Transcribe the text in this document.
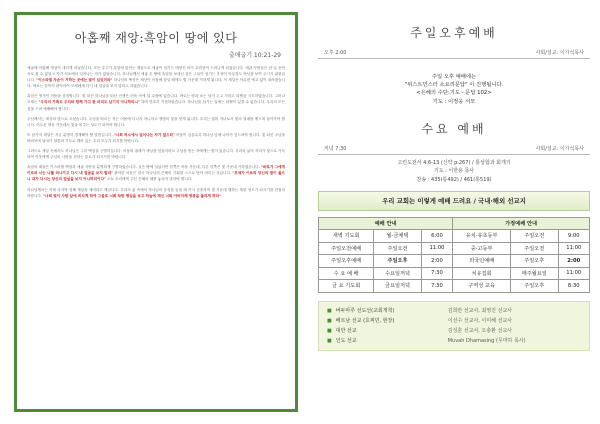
아홉째 재앙:흑암이 땅에 있다
출애굽기 10:21-29
애굽에 아홉째 재앙이 내리게 되었습니다. 모든 우주가 흑암에 덮이는 재앙으로 애굽이 섬기는 태양신 라가 무력함이 드러나게 되었습니다. 애굽 사람들은 삼 일 동안 서로 볼 수 없었고 자기 처소에서 일어나는 자가 없었습니다. 하나님께서 애굽 온 땅에 흑암을 보내신 것은 그들이 섬기는 우상이 아무것도 아님을 보여 주시기 위함입니다. "이스라엘 자손이 거하는 곳에는 빛이 있었더라" 하나님의 백성은 세상이 어둠에 덮일 때에도 빛 가운데 거하게 됩니다. 이 재앙은 아무런 예고 없이 내려졌습니다. 바로는 끝까지 완악하여 모세에게 다시 내 얼굴을 보지 말라고 하였습니다.
흑암은 영적인 어둠을 상징합니다. 빛 되신 하나님을 떠난 인생은 어둠 속에 살 수밖에 없습니다. 바로는 양과 소는 남겨 두고 가라고 타협을 시도하였습니다. 그러나 모세는 "우리의 가축도 우리와 함께 가고 한 마리도 남기지 아니하리니" 하며 단호히 거절하였습니다. 하나님을 섬기는 일에는 타협이 있을 수 없습니다. 우리의 모든 것을 드려 예배해야 합니다.
주님께서는 세상의 빛으로 오셨습니다. 주님을 따르는 자는 어둠에 다니지 아니하고 생명의 빛을 얻게 됩니다. 우리는 빛의 자녀로서 빛의 열매를 맺으며 살아가야 합니다. 어두운 세상 가운데서 빛을 비추는 성도가 되어야 합니다.
또 한가지 재앙은 지금 분명히 경계해야 할 말씀입니다. "너희 처소에서 일어나는 자가 없으되" 어둠이 깊을수록 하나님 앞에 나아가 엎드려야 합니다. 빛 되신 주님을 바라보며 날마다 말씀과 기도로 깨어 있는 우리 모두가 되기를 바랍니다.
그러므로 재앙 속에서도 하나님은 그의 백성을 구별하십니다. 어둠의 권세가 세상을 덮을지라도 주님을 믿는 자에게는 빛이 있습니다. 우리의 삶의 자리가 빛으로 가득하여 이웃에게 주님의 사랑을 전하는 통로가 되시기를 바랍니다.
흑암의 재앙은 이스라엘 백성과 애굽 사람을 분명하게 구별하였습니다. 같은 땅에 살았지만 한쪽은 어둠 가운데, 다른 한쪽은 빛 가운데 거하였습니다. "바로가 그에게 이르되 너는 나를 떠나가고 다시 내 얼굴을 보지 말라" 완악한 마음은 결국 하나님의 은혜의 기회를 스스로 닫아 버리는 것입니다. "모세가 이르되 당신의 말이 옳으니 내가 다시는 당신의 얼굴을 보지 아니하리이다" 오늘 우리에게 주신 은혜의 때를 놓치지 말아야 합니다.
하나님께서는 이제 마지막 열째 재앙을 예비하고 계십니다. 우리의 삶 속에서 하나님의 음성을 들을 때 즉시 순종하여 빛 가운데 행하는 복된 성도가 되시기를 간절히 바랍니다. "너희 빛이 사람 앞에 비치게 하여 그들로 너희 착한 행실을 보고 하늘에 계신 너희 아버지께 영광을 돌리게 하라"
주일오후예배
오후 2:00	사회/설교: 이가석목사
주일 오후 예배에는
"위스트민스터 소요리문답" 이 진행됩니다.
<은혜의 수단:기도 - 문답 102>
기도 : 이정웅 서모
수요 예배
저녁 7:30	사회/설교: 이가석목사
고린도전서 4:6-13 (신약 p.267) / 통성합과 회개기
기도 : 이한용 목사
찬송 : 435(통492) / 461(통519)
우리 교회는 이렇게 예배 드려요 / 국내·해외 선교지
예배 안내			가정예배 안내		
새벽 기도회	월-금채택	6:00	유치·유초등부	주일오전	9:00
주일오전예배	주일오전	11:00	중·고등부	주일오전	11:00
주일오후예배	주일오후	2:00	외국인예배	주일오후	2:00
수 요 예 배	수요일저녁	7:30	치유집회	매주월요일	11:00
금 요 기도회	금요일저녁	7:30	구역성 교육	주일오후	8:30
■ 버두마루 선도선(교회개척)	김희란 선교사, 최영진 선교사
■ 베트남 선교 (호찌민, 현장)	이선수 선교사, 이미혜 선교사
■ 대만 선교	김성훈 선교사, 오충환 선교사
■ 인도 선교	Muvah Dhamasing (무마하 목사)
